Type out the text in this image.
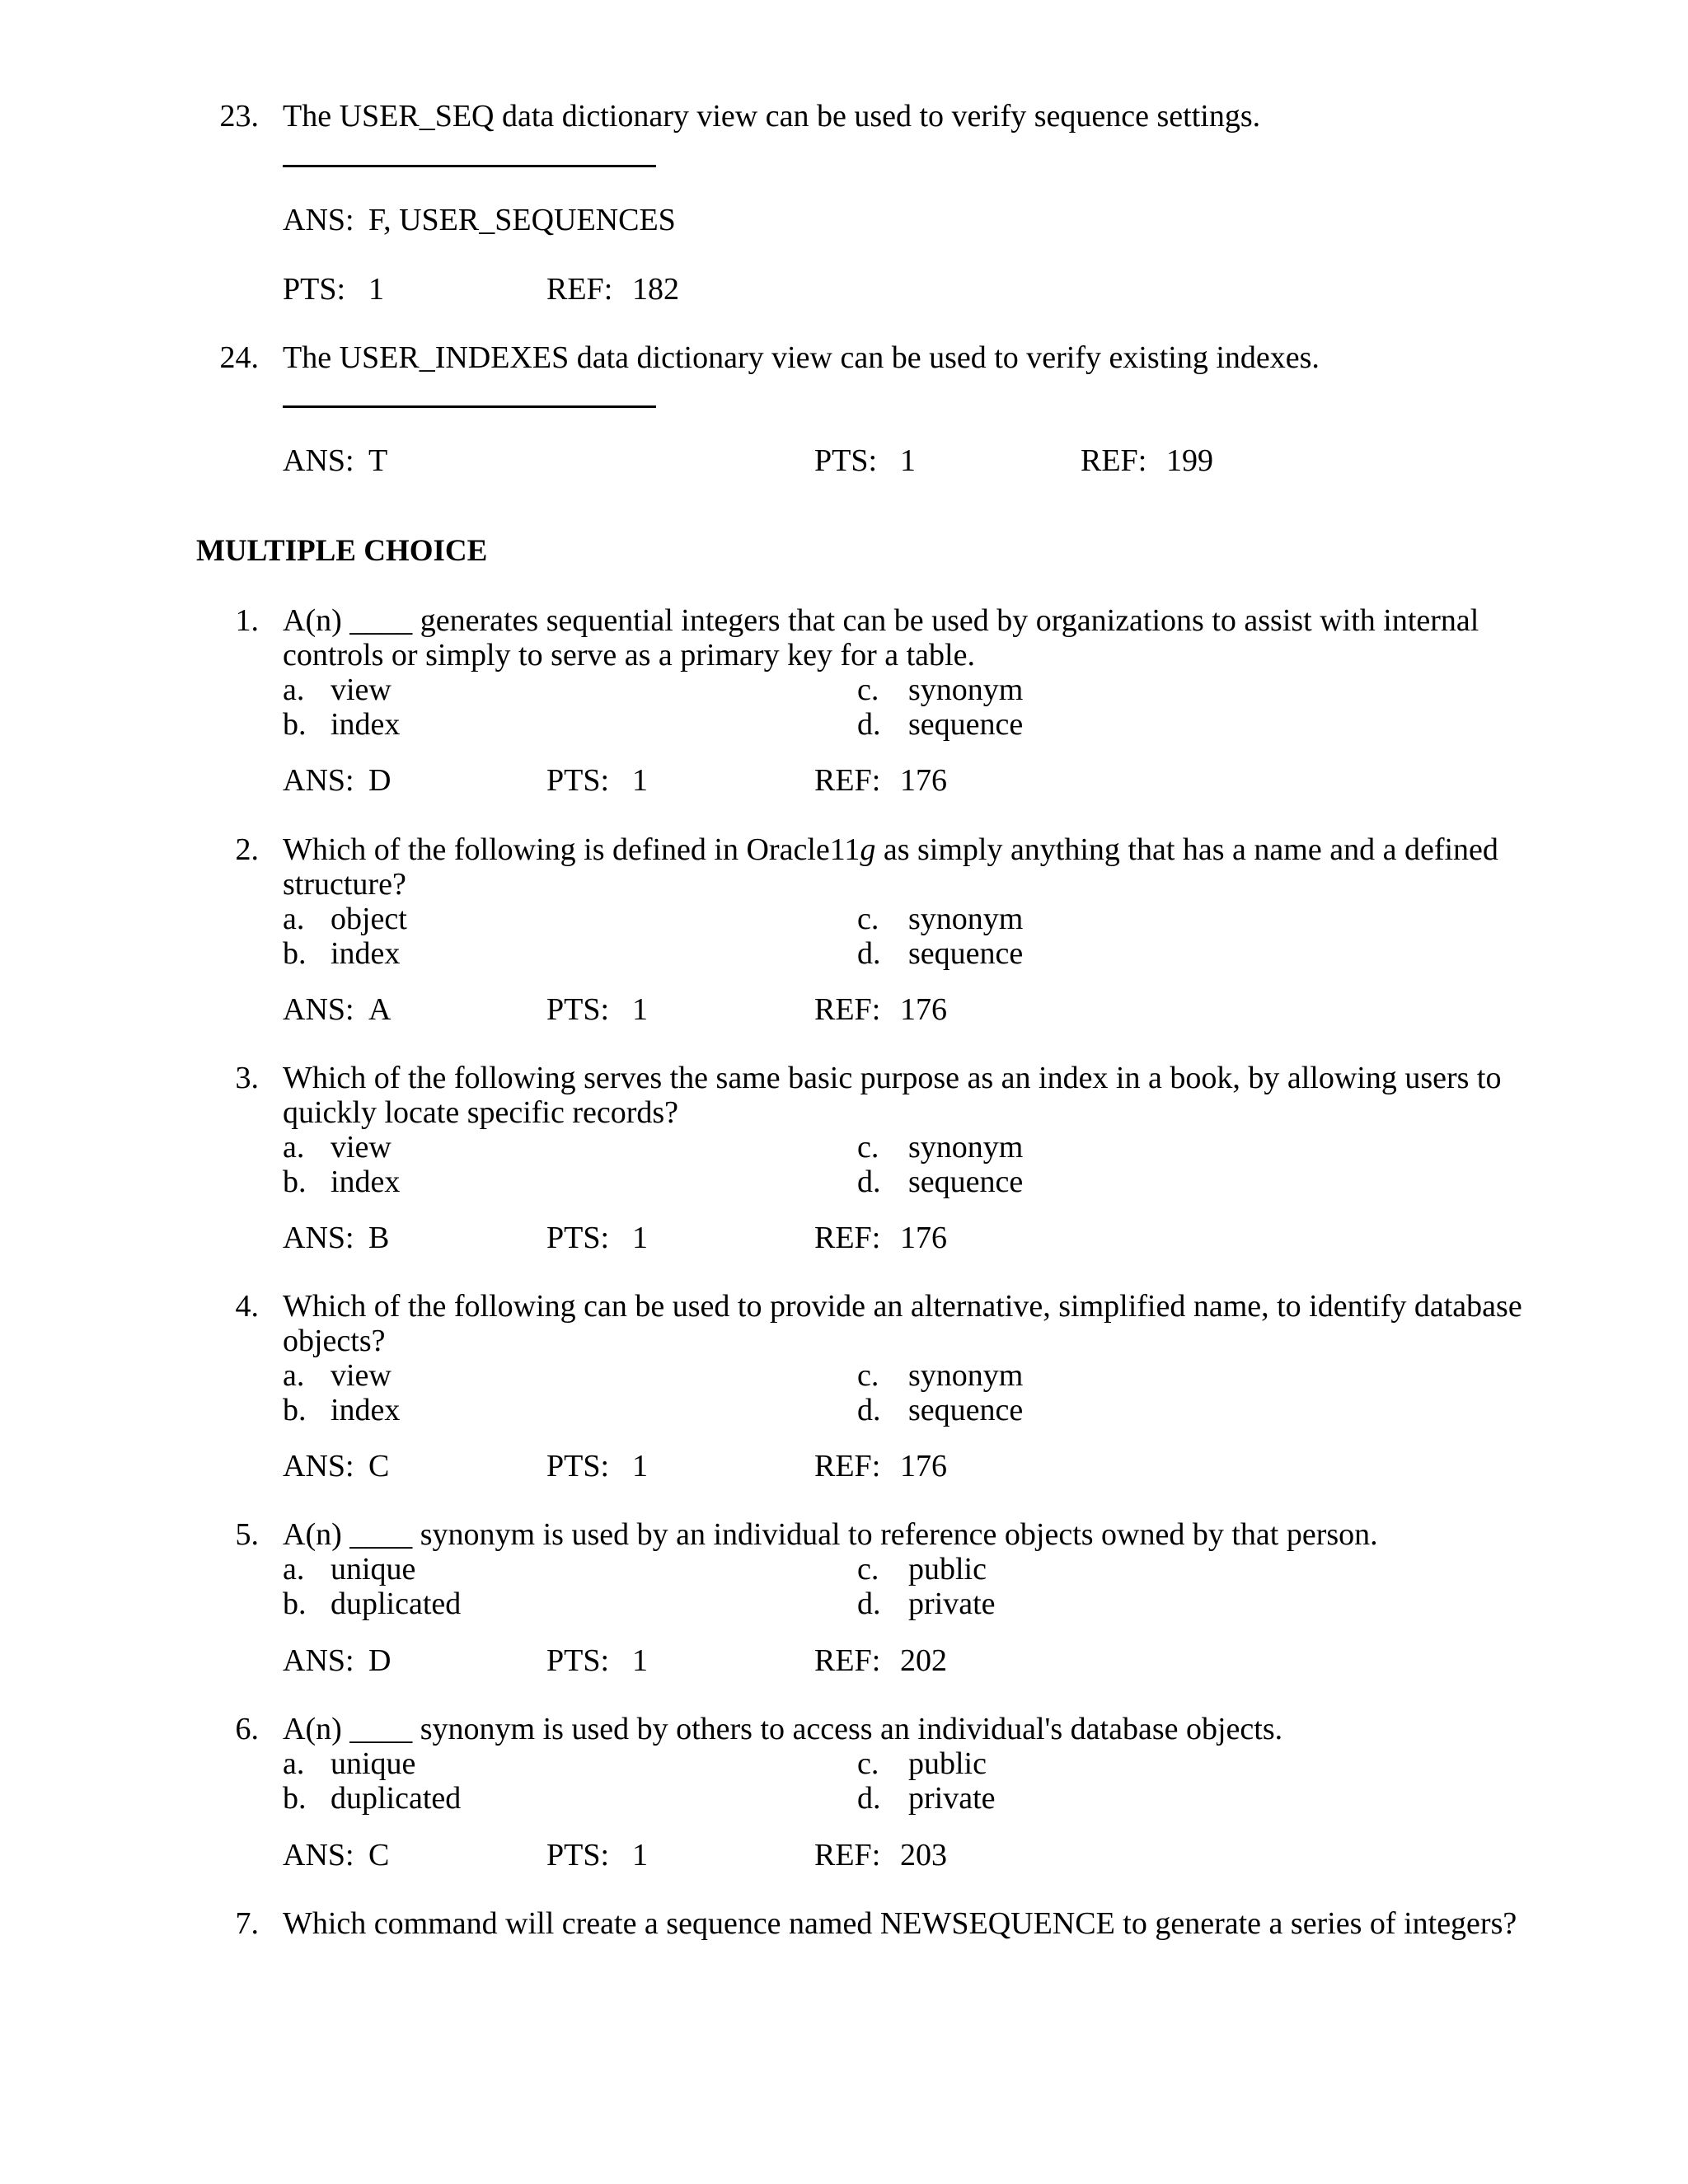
23. The USER_SEQ data dictionary view can be used to verify sequence settings.
ANS: F, USER_SEQUENCES
PTS: 1	REF: 182
24. The USER_INDEXES data dictionary view can be used to verify existing indexes.
ANS: T	PTS: 1	REF: 199
MULTIPLE CHOICE
1. A(n) ____ generates sequential integers that can be used by organizations to assist with internal
controls or simply to serve as a primary key for a table.
a. view
b. index
c. synonym
d. sequence
ANS: D	PTS: 1	REF: 176
2. Which of the following is defined in Oracle11g as simply anything that has a name and a defined
structure?
a. object
b. index
c. synonym
d. sequence
ANS: A	PTS: 1	REF: 176
3. Which of the following serves the same basic purpose as an index in a book, by allowing users to
quickly locate specific records?
a. view
b. index
c. synonym
d. sequence
ANS: B	PTS: 1	REF: 176
4. Which of the following can be used to provide an alternative, simplified name, to identify database
objects?
a. view
b. index
c. synonym
d. sequence
ANS: C	PTS: 1	REF: 176
5. A(n) ____ synonym is used by an individual to reference objects owned by that person.
a. unique
b. duplicated
c. public
d. private
ANS: D	PTS: 1	REF: 202
6. A(n) ____ synonym is used by others to access an individual's database objects.
a. unique
b. duplicated
c. public
d. private
ANS: C	PTS: 1	REF: 203
7. Which command will create a sequence named NEWSEQUENCE to generate a series of integers?
